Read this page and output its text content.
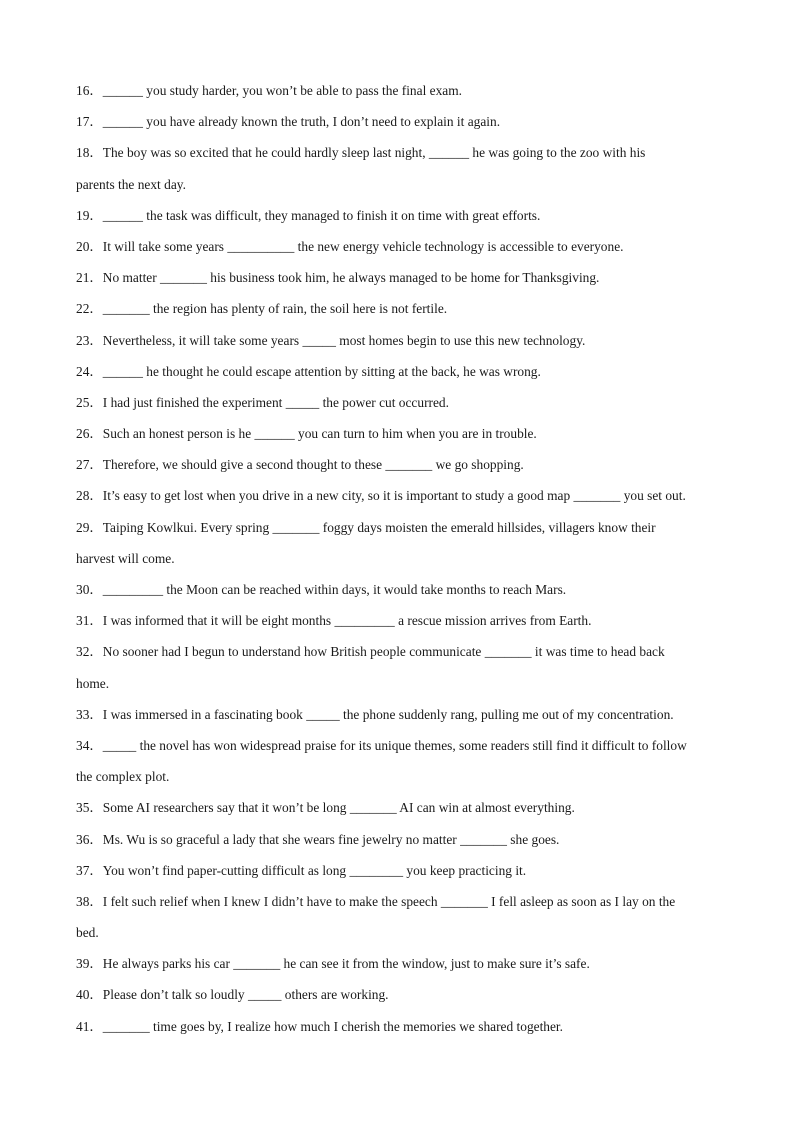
16．______ you study harder, you won’t be able to pass the final exam.
17．______ you have already known the truth, I don’t need to explain it again.
18．The boy was so excited that he could hardly sleep last night, ______ he was going to the zoo with his
parents the next day.
19．______ the task was difficult, they managed to finish it on time with great efforts.
20．It will take some years __________ the new energy vehicle technology is accessible to everyone.
21．No matter _______ his business took him, he always managed to be home for Thanksgiving.
22．_______ the region has plenty of rain, the soil here is not fertile.
23．Nevertheless, it will take some years _____ most homes begin to use this new technology.
24．______ he thought he could escape attention by sitting at the back, he was wrong.
25．I had just finished the experiment _____ the power cut occurred.
26．Such an honest person is he ______ you can turn to him when you are in trouble.
27．Therefore, we should give a second thought to these _______ we go shopping.
28．It’s easy to get lost when you drive in a new city, so it is important to study a good map _______ you set out.
29．Taiping Kowlkui. Every spring _______ foggy days moisten the emerald hillsides, villagers know their
harvest will come.
30．_________ the Moon can be reached within days, it would take months to reach Mars.
31．I was informed that it will be eight months _________ a rescue mission arrives from Earth.
32．No sooner had I begun to understand how British people communicate _______ it was time to head back
home.
33．I was immersed in a fascinating book _____ the phone suddenly rang, pulling me out of my concentration.
34．_____ the novel has won widespread praise for its unique themes, some readers still find it difficult to follow
the complex plot.
35．Some AI researchers say that it won’t be long _______ AI can win at almost everything.
36．Ms. Wu is so graceful a lady that she wears fine jewelry no matter _______ she goes.
37．You won’t find paper-cutting difficult as long ________ you keep practicing it.
38．I felt such relief when I knew I didn’t have to make the speech _______ I fell asleep as soon as I lay on the
bed.
39．He always parks his car _______ he can see it from the window, just to make sure it’s safe.
40．Please don’t talk so loudly _____ others are working.
41．_______ time goes by, I realize how much I cherish the memories we shared together.
